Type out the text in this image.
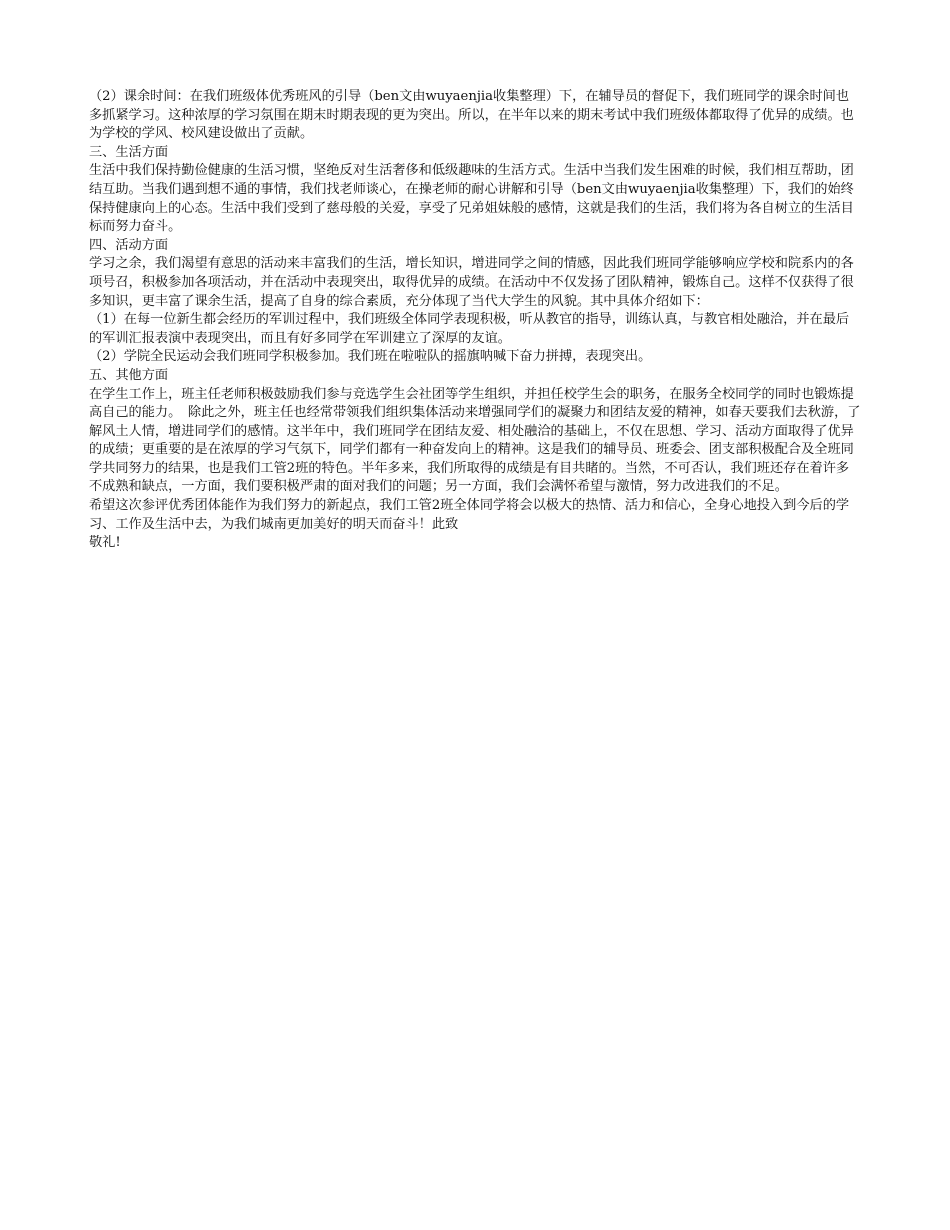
（2）课余时间：在我们班级体优秀班风的引导（ben文由wuyaenjia收集整理）下，在辅导员的督促下，我们班同学的课余时间也多抓紧学习。这种浓厚的学习氛围在期末时期表现的更为突出。所以，在半年以来的期末考试中我们班级体都取得了优异的成绩。也为学校的学风、校风建设做出了贡献。

三、生活方面

生活中我们保持勤俭健康的生活习惯，坚绝反对生活奢侈和低级趣味的生活方式。生活中当我们发生困难的时候，我们相互帮助，团结互助。当我们遇到想不通的事情，我们找老师谈心，在操老师的耐心讲解和引导（ben文由wuyaenjia收集整理）下，我们的始终保持健康向上的心态。生活中我们受到了慈母般的关爱，享受了兄弟姐妹般的感情，这就是我们的生活，我们将为各自树立的生活目标而努力奋斗。

四、活动方面

学习之余，我们渴望有意思的活动来丰富我们的生活，增长知识，增进同学之间的情感，因此我们班同学能够响应学校和院系内的各项号召，积极参加各项活动，并在活动中表现突出，取得优异的成绩。在活动中不仅发扬了团队精神，锻炼自己。这样不仅获得了很多知识，更丰富了课余生活，提高了自身的综合素质，充分体现了当代大学生的风貌。其中具体介绍如下：

（1）在每一位新生都会经历的军训过程中，我们班级全体同学表现积极，听从教官的指导，训练认真，与教官相处融洽，并在最后的军训汇报表演中表现突出，而且有好多同学在军训建立了深厚的友谊。

（2）学院全民运动会我们班同学积极参加。我们班在啦啦队的摇旗呐喊下奋力拼搏，表现突出。

五、其他方面

在学生工作上，班主任老师积极鼓励我们参与竞选学生会社团等学生组织，并担任校学生会的职务，在服务全校同学的同时也锻炼提高自己的能力。　除此之外，班主任也经常带领我们组织集体活动来增强同学们的凝聚力和团结友爱的精神，如春天要我们去秋游，了解风土人情，增进同学们的感情。这半年中，我们班同学在团结友爱、相处融洽的基础上，不仅在思想、学习、活动方面取得了优异的成绩；更重要的是在浓厚的学习气氛下，同学们都有一种奋发向上的精神。这是我们的辅导员、班委会、团支部积极配合及全班同学共同努力的结果，也是我们工管2班的特色。半年多来，我们所取得的成绩是有目共睹的。当然，不可否认，我们班还存在着许多不成熟和缺点，一方面，我们要积极严肃的面对我们的问题；另一方面，我们会满怀希望与激情，努力改进我们的不足。

希望这次参评优秀团体能作为我们努力的新起点，我们工管2班全体同学将会以极大的热情、活力和信心，全身心地投入到今后的学习、工作及生活中去，为我们城南更加美好的明天而奋斗！此致

敬礼!
